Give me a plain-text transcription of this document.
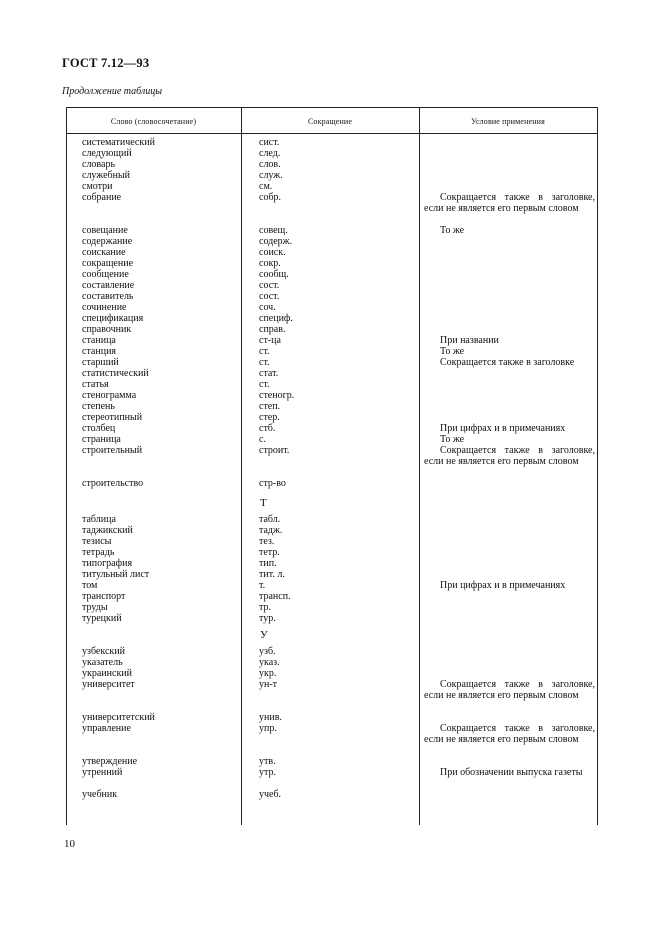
ГОСТ 7.12—93
Продолжение таблицы
Слово (словосочетание)	Сокращение	Условие применения
систематический	сист.
следующий	след.
словарь	слов.
служебный	служ.
смотри	см.
собрание	собр.	Сокращается также в заголовке, если не является его первым словом
совещание	совещ.	То же
содержание	содерж.
соискание	соиск.
сокращение	сокр.
сообщение	сообщ.
составление	сост.
составитель	сост.
сочинение	соч.
спецификация	специф.
справочник	справ.
станица	ст-ца	При названии
станция	ст.	То же
старший	ст.	Сокращается также в заголовке
статистический	стат.
статья	ст.
стенограмма	стеногр.
степень	степ.
стереотипный	стер.
столбец	стб.	При цифрах и в примечаниях
страница	с.	То же
строительный	строит.	Сокращается также в заголовке, если не является его первым словом
строительство	стр-во
Т
таблица	табл.
таджикский	тадж.
тезисы	тез.
тетрадь	тетр.
типография	тип.
титульный лист	тит. л.
том	т.	При цифрах и в примечаниях
транспорт	трансп.
труды	тр.
турецкий	тур.
У
узбекский	узб.
указатель	указ.
украинский	укр.
университет	ун-т	Сокращается также в заголовке, если не является его первым словом
университетский	унив.
управление	упр.	Сокращается также в заголовке, если не является его первым словом
утверждение	утв.
утренний	утр.	При обозначении выпуска газеты
учебник	учеб.
10
